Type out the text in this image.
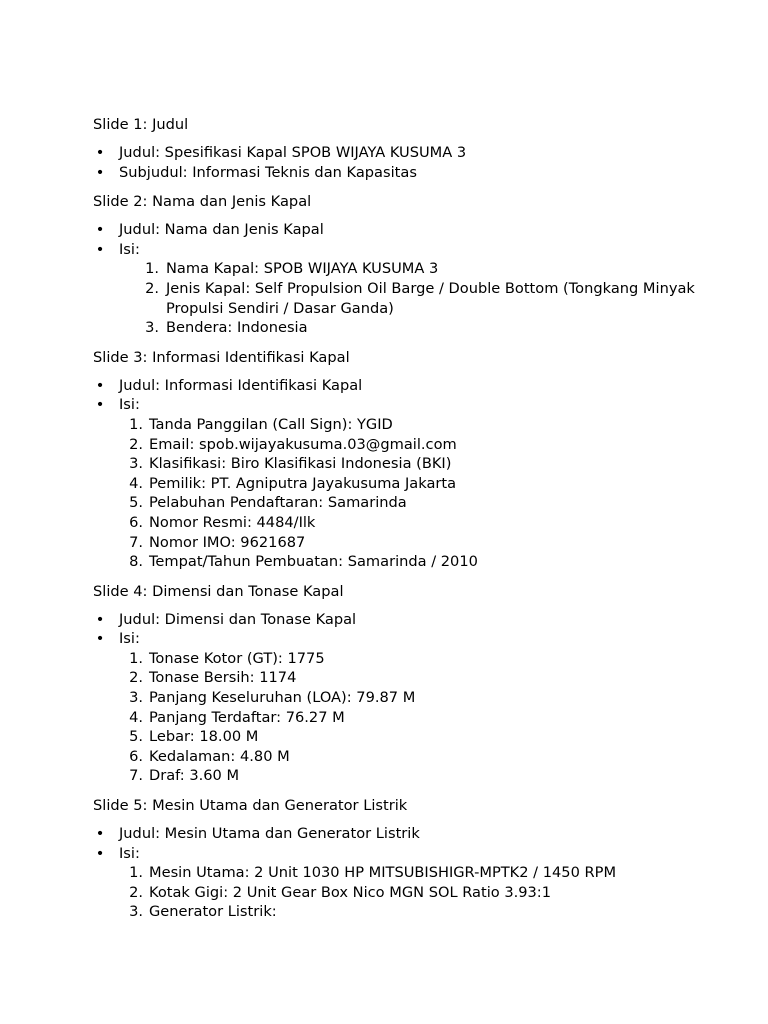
Slide 1: Judul
• Judul: Spesifikasi Kapal SPOB WIJAYA KUSUMA 3
• Subjudul: Informasi Teknis dan Kapasitas
Slide 2: Nama dan Jenis Kapal
• Judul: Nama dan Jenis Kapal
• Isi:
1. Nama Kapal: SPOB WIJAYA KUSUMA 3
2. Jenis Kapal: Self Propulsion Oil Barge / Double Bottom (Tongkang Minyak Propulsi Sendiri / Dasar Ganda)
3. Bendera: Indonesia
Slide 3: Informasi Identifikasi Kapal
• Judul: Informasi Identifikasi Kapal
• Isi:
1. Tanda Panggilan (Call Sign): YGID
2. Email: spob.wijayakusuma.03@gmail.com
3. Klasifikasi: Biro Klasifikasi Indonesia (BKI)
4. Pemilik: PT. Agniputra Jayakusuma Jakarta
5. Pelabuhan Pendaftaran: Samarinda
6. Nomor Resmi: 4484/Ilk
7. Nomor IMO: 9621687
8. Tempat/Tahun Pembuatan: Samarinda / 2010
Slide 4: Dimensi dan Tonase Kapal
• Judul: Dimensi dan Tonase Kapal
• Isi:
1. Tonase Kotor (GT): 1775
2. Tonase Bersih: 1174
3. Panjang Keseluruhan (LOA): 79.87 M
4. Panjang Terdaftar: 76.27 M
5. Lebar: 18.00 M
6. Kedalaman: 4.80 M
7. Draf: 3.60 M
Slide 5: Mesin Utama dan Generator Listrik
• Judul: Mesin Utama dan Generator Listrik
• Isi:
1. Mesin Utama: 2 Unit 1030 HP MITSUBISHIGR-MPTK2 / 1450 RPM
2. Kotak Gigi: 2 Unit Gear Box Nico MGN SOL Ratio 3.93:1
3. Generator Listrik:
